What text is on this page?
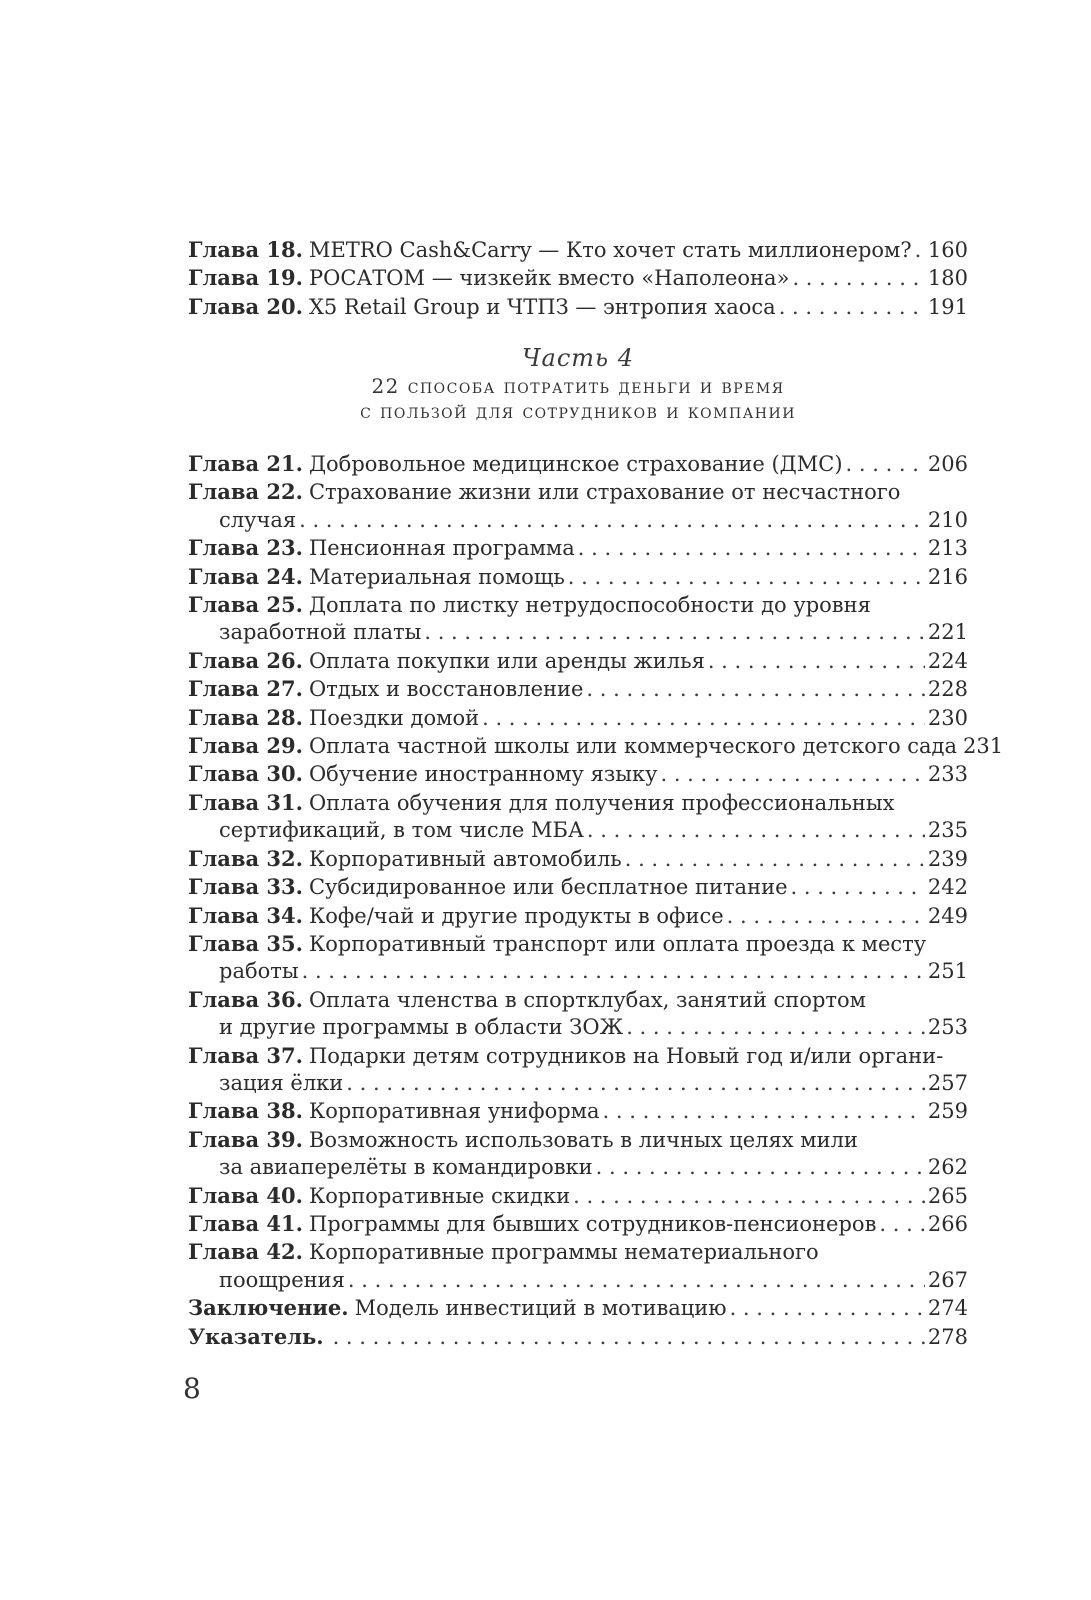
Глава 18. METRO Cash&Carry — Кто хочет стать миллионером? . . . 160
Глава 19. РОСАТОМ — чизкейк вместо «Наполеона» . . .	180
Глава 20. X5 Retail Group и ЧТПЗ — энтропия хаоса . . .	191
Часть 4
22 способа потратить деньги и время
с пользой для сотрудников и компании
Глава 21. Добровольное медицинское страхование (ДМС) . . .	206
Глава 22. Страхование жизни или страхование от несчастного
случая . . .	210
Глава 23. Пенсионная программа . . .	213
Глава 24. Материальная помощь . . .	216
Глава 25. Доплата по листку нетрудоспособности до уровня
заработной платы . . .	221
Глава 26. Оплата покупки или аренды жилья . . .	224
Глава 27. Отдых и восстановление . . .	228
Глава 28. Поездки домой . . .	230
Глава 29. Оплата частной школы или коммерческого детского сада 231
Глава 30. Обучение иностранному языку . . .	233
Глава 31. Оплата обучения для получения профессиональных
сертификаций, в том числе МБА . . .	235
Глава 32. Корпоративный автомобиль . . .	239
Глава 33. Субсидированное или бесплатное питание . . .	242
Глава 34. Кофе/чай и другие продукты в офисе . . .	249
Глава 35. Корпоративный транспорт или оплата проезда к месту
работы . . .	251
Глава 36. Оплата членства в спортклубах, занятий спортом
и другие программы в области ЗОЖ . . .	253
Глава 37. Подарки детям сотрудников на Новый год и/или органи-
зация ёлки . . .	257
Глава 38. Корпоративная униформа . . .	259
Глава 39. Возможность использовать в личных целях мили
за авиаперелёты в командировки . . .	262
Глава 40. Корпоративные скидки . . .	265
Глава 41. Программы для бывших сотрудников-пенсионеров . . . 266
Глава 42. Корпоративные программы нематериального
поощрения . . .	267
Заключение. Модель инвестиций в мотивацию . . .	274
Указатель. . . .	278
8
